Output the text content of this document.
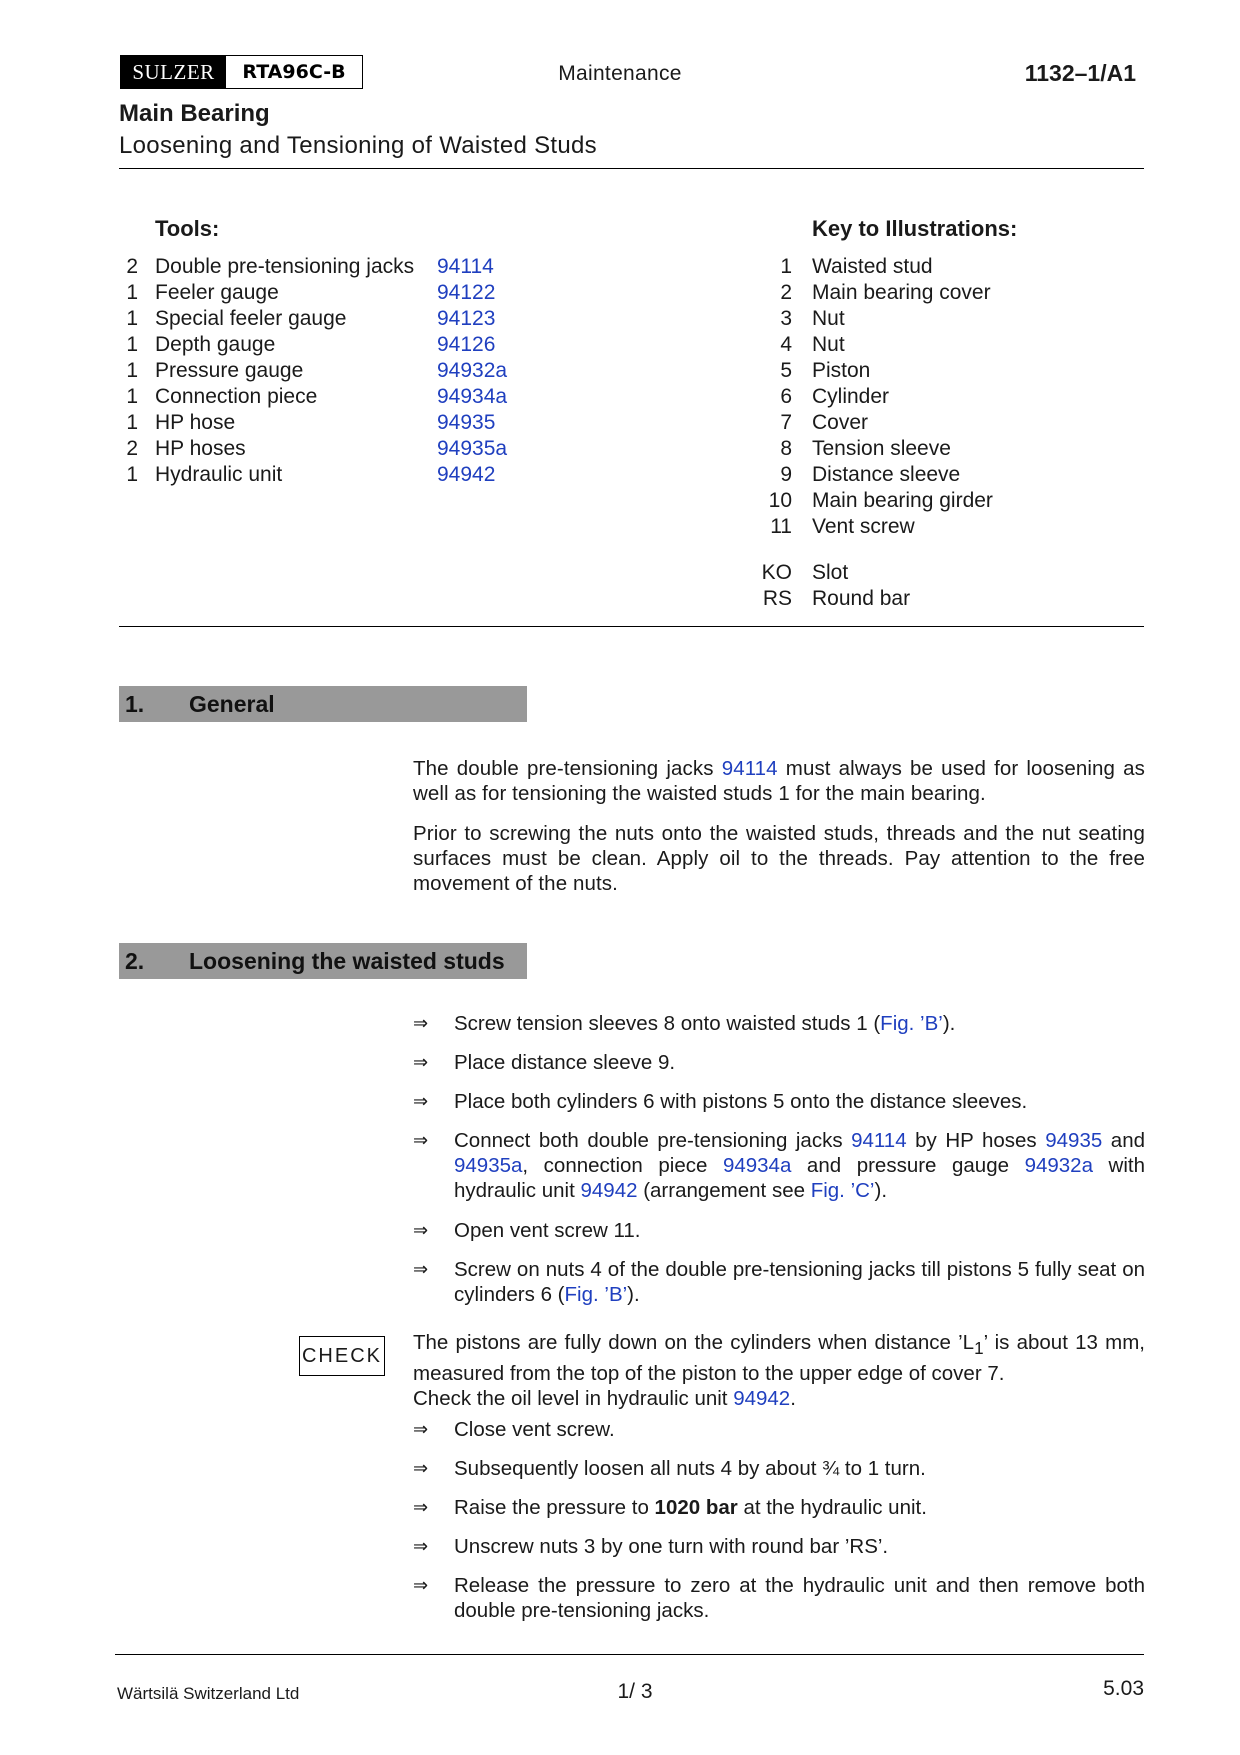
SULZER	RTA96C-B	Maintenance	1132–1/A1
Main Bearing
Loosening and Tensioning of Waisted Studs
Tools:
2 Double pre-tensioning jacks 94114
1 Feeler gauge	94122
1 Special feeler gauge	94123
1 Depth gauge	94126
1 Pressure gauge	94932a
1 Connection piece	94934a
1 HP hose	94935
2 HP hoses	94935a
1 Hydraulic unit	94942
Key to Illustrations:
1 Waisted stud
2 Main bearing cover
3 Nut
4 Nut
5 Piston
6 Cylinder
7 Cover
8 Tension sleeve
9 Distance sleeve
10 Main bearing girder
11 Vent screw
KO Slot
RS Round bar
1.	General
The double pre-tensioning jacks 94114 must always be used for loosening as well as for tensioning the waisted studs 1 for the main bearing.
Prior to screwing the nuts onto the waisted studs, threads and the nut seating surfaces must be clean. Apply oil to the threads. Pay attention to the free movement of the nuts.
2.	Loosening the waisted studs
⇒ Screw tension sleeves 8 onto waisted studs 1 (Fig. ’B’).
⇒ Place distance sleeve 9.
⇒ Place both cylinders 6 with pistons 5 onto the distance sleeves.
⇒ Connect both double pre-tensioning jacks 94114 by HP hoses 94935 and 94935a, connection piece 94934a and pressure gauge 94932a with hydraulic unit 94942 (arrangement see Fig. ’C’).
⇒ Open vent screw 11.
⇒ Screw on nuts 4 of the double pre-tensioning jacks till pistons 5 fully seat on cylinders 6 (Fig. ’B’).
⇒ Close vent screw.
⇒ Subsequently loosen all nuts 4 by about ¾ to 1 turn.
⇒ Raise the pressure to 1020 bar at the hydraulic unit.
⇒ Unscrew nuts 3 by one turn with round bar ’RS’.
⇒ Release the pressure to zero at the hydraulic unit and then remove both double pre-tensioning jacks.
CHECK
The pistons are fully down on the cylinders when distance $’L_1$’ is about 13 mm, measured from the top of the piston to the upper edge of cover 7.
Check the oil level in hydraulic unit 94942.
Wärtsilä Switzerland Ltd	1/ 3	5.03
